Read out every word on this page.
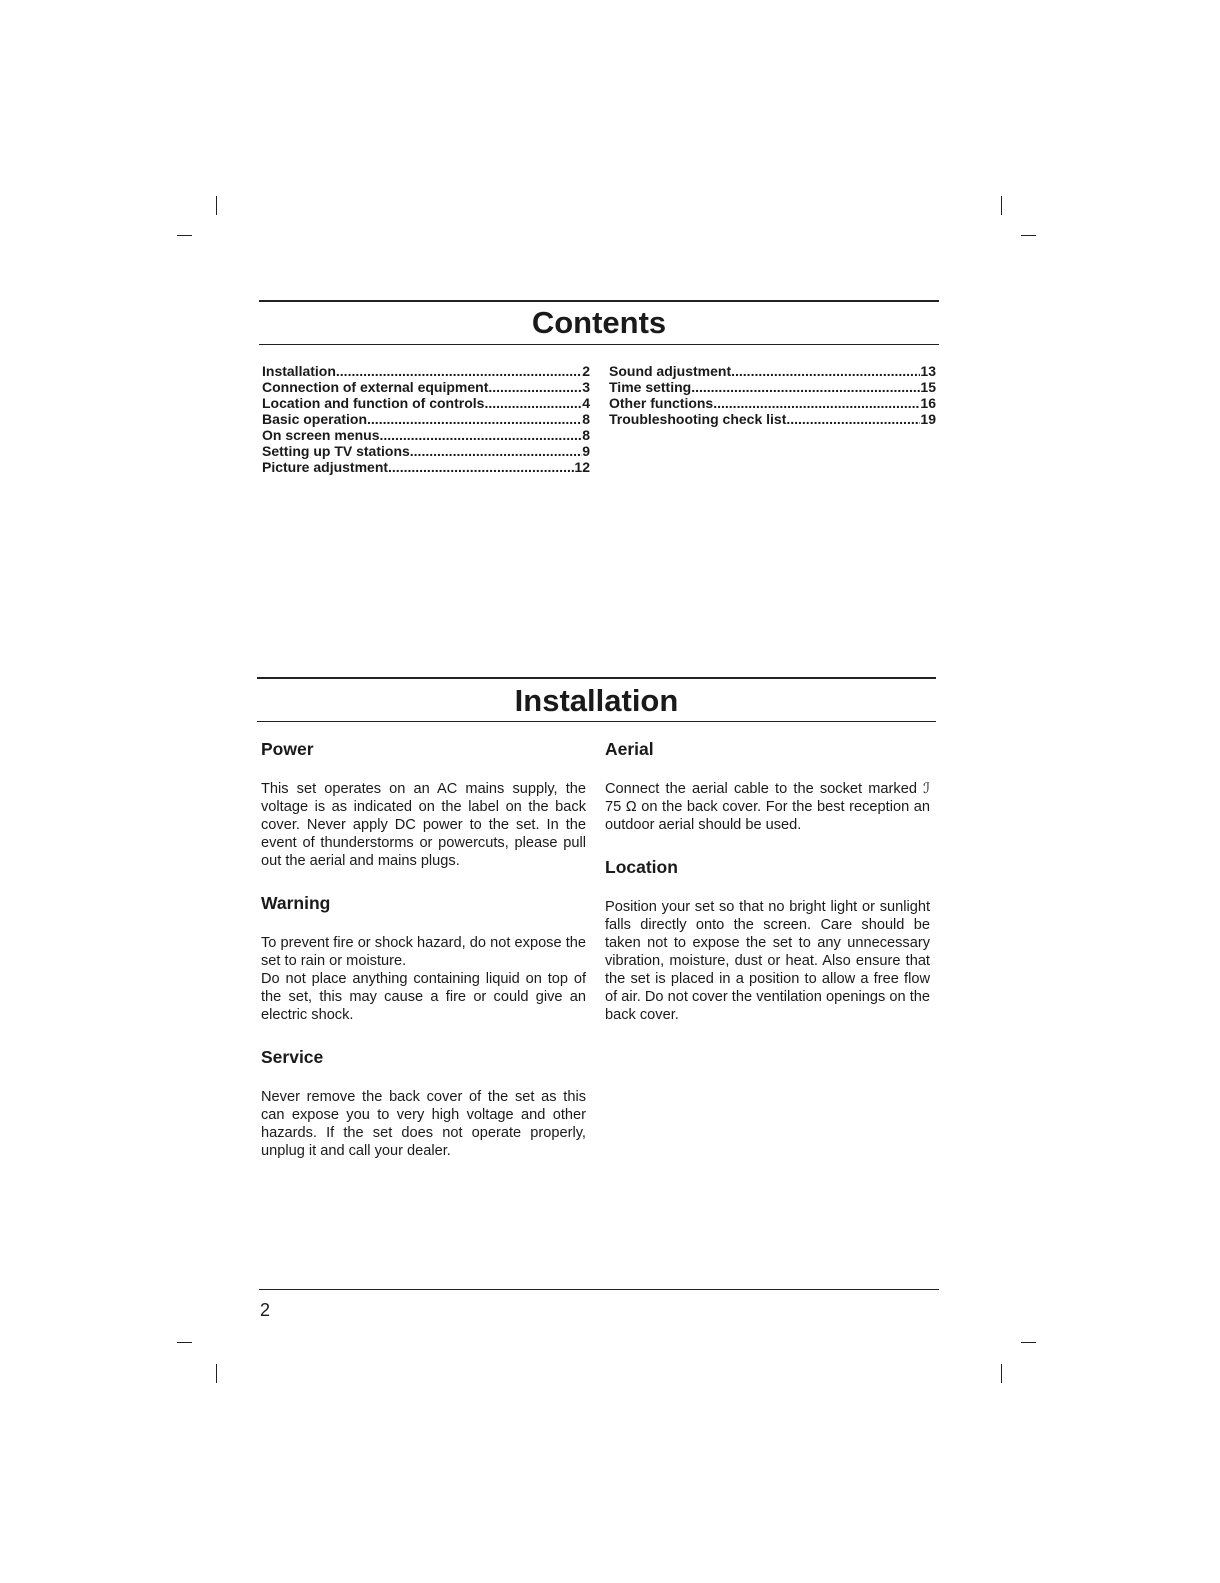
Contents
Installation .....	2
Connection of external equipment .....	3
Location and function of controls .....	4
Basic operation .....	8
On screen menus .....	8
Setting up TV stations .....	9
Picture adjustment .....	12
Sound adjustment .....	13
Time setting .....	15
Other functions .....	16
Troubleshooting check list .....	19
Installation
Power

This set operates on an AC mains supply, the voltage is as indicated on the label on the back cover. Never apply DC power to the set. In the event of thunderstorms or powercuts, please pull out the aerial and mains plugs.

Warning

To prevent fire or shock hazard, do not expose the set to rain or moisture.

Do not place anything containing liquid on top of the set, this may cause a fire or could give an electric shock.

Service

Never remove the back cover of the set as this can expose you to very high voltage and other hazards. If the set does not operate properly, unplug it and call your dealer.

Aerial

Connect the aerial cable to the socket marked ℐ 75 Ω on the back cover. For the best reception an outdoor aerial should be used.

Location

Position your set so that no bright light or sunlight falls directly onto the screen. Care should be taken not to expose the set to any unnecessary vibration, moisture, dust or heat. Also ensure that the set is placed in a position to allow a free flow of air. Do not cover the ventilation openings on the back cover.

2
